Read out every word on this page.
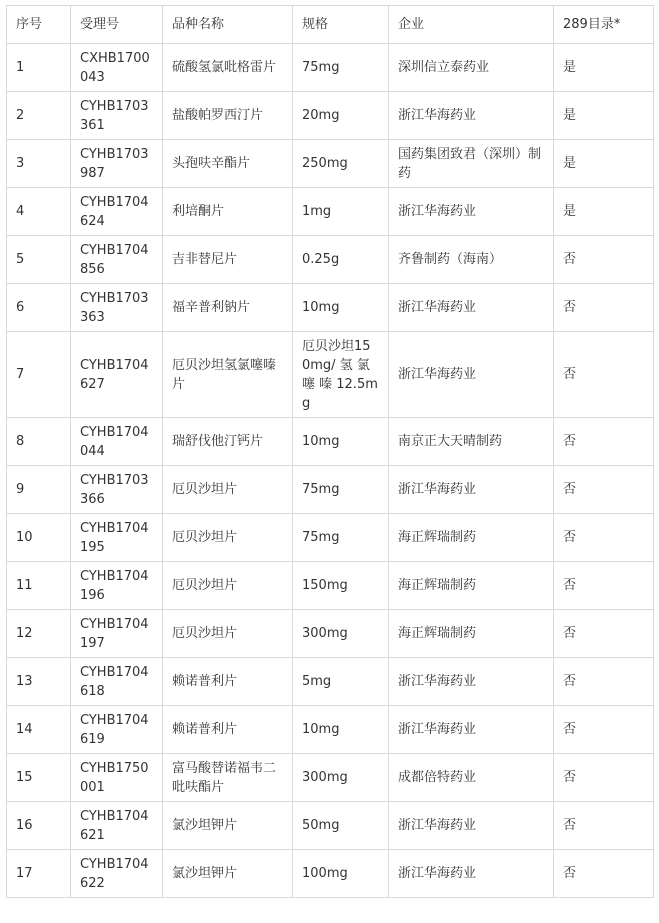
序号	受理号	品种名称	规格	企业	289目录*
1	CXHB1700043	硫酸氢氯吡格雷片	75mg	深圳信立泰药业	是
2	CYHB1703361	盐酸帕罗西汀片	20mg	浙江华海药业	是
3	CYHB1703987	头孢呋辛酯片	250mg	国药集团致君（深圳）制药	是
4	CYHB1704624	利培酮片	1mg	浙江华海药业	是
5	CYHB1704856	吉非替尼片	0.25g	齐鲁制药（海南）	否
6	CYHB1703363	福辛普利钠片	10mg	浙江华海药业	否
7	CYHB1704627	厄贝沙坦氢氯噻嗪片	厄贝沙坦150mg/ 氢 氯噻 嗪 12.5mg	浙江华海药业	否
8	CYHB1704044	瑞舒伐他汀钙片	10mg	南京正大天晴制药	否
9	CYHB1703366	厄贝沙坦片	75mg	浙江华海药业	否
10	CYHB1704195	厄贝沙坦片	75mg	海正辉瑞制药	否
11	CYHB1704196	厄贝沙坦片	150mg	海正辉瑞制药	否
12	CYHB1704197	厄贝沙坦片	300mg	海正辉瑞制药	否
13	CYHB1704618	赖诺普利片	5mg	浙江华海药业	否
14	CYHB1704619	赖诺普利片	10mg	浙江华海药业	否
15	CYHB1750001	富马酸替诺福韦二吡呋酯片	300mg	成都倍特药业	否
16	CYHB1704621	氯沙坦钾片	50mg	浙江华海药业	否
17	CYHB1704622	氯沙坦钾片	100mg	浙江华海药业	否
